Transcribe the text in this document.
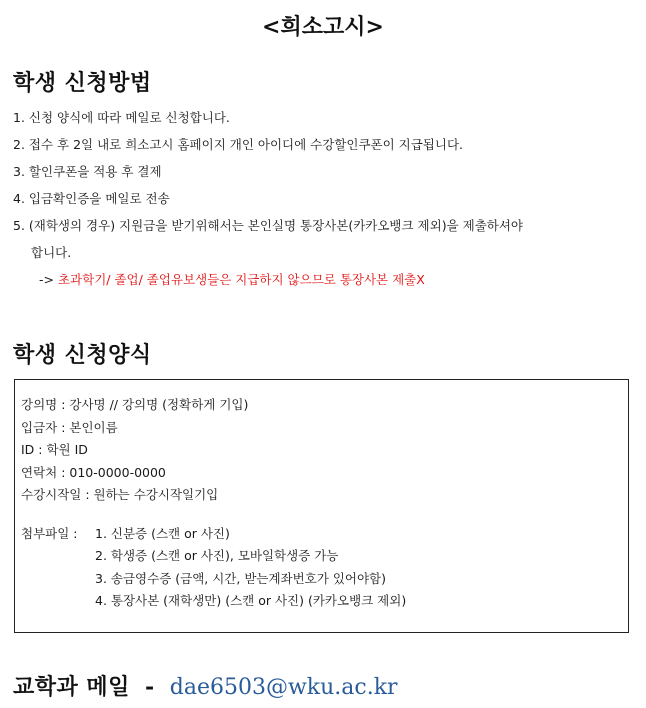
<희소고시>
학생 신청방법
1. 신청 양식에 따라 메일로 신청합니다.
2. 접수 후 2일 내로 희소고시 홈페이지 개인 아이디에 수강할인쿠폰이 지급됩니다.
3. 할인쿠폰을 적용 후 결제
4. 입금확인증을 메일로 전송
5. (재학생의 경우) 지원금을 받기위해서는 본인실명 통장사본(카카오뱅크 제외)을 제출하셔야
합니다.
-> 초과학기/ 졸업/ 졸업유보생들은 지급하지 않으므로 통장사본 제출X
학생 신청양식
강의명 : 강사명 // 강의명 (정확하게 기입)
입금자 : 본인이름
ID : 학원 ID
연락처 : 010-0000-0000
수강시작일 : 원하는 수강시작일기입
첨부파일 :	1. 신분증 (스캔 or 사진)
2. 학생증 (스캔 or 사진), 모바일학생증 가능
3. 송금영수증 (금액, 시간, 받는계좌번호가 있어야함)
4. 통장사본 (재학생만) (스캔 or 사진) (카카오뱅크 제외)
교학과 메일 - dae6503@wku.ac.kr
